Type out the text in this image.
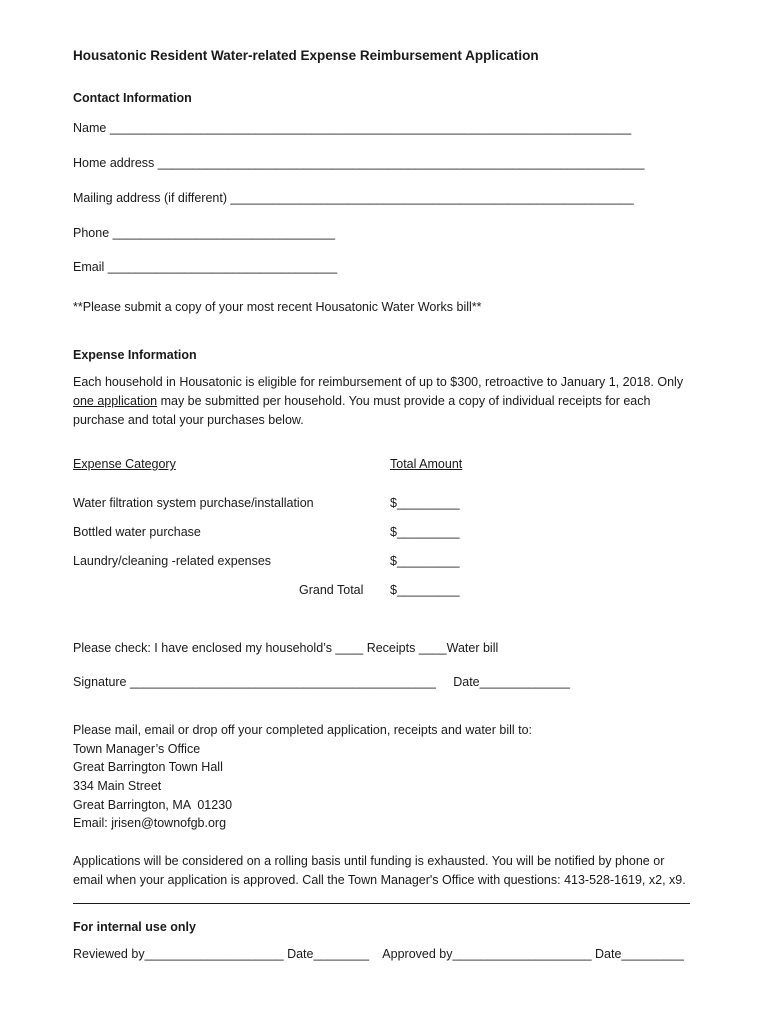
Housatonic Resident Water-related Expense Reimbursement Application
Contact Information
Name ___________________________________________________________________________
Home address ______________________________________________________________________
Mailing address (if different) __________________________________________________________
Phone ________________________________
Email _________________________________
**Please submit a copy of your most recent Housatonic Water Works bill**
Expense Information
Each household in Housatonic is eligible for reimbursement of up to $300, retroactive to January 1, 2018. Only
one application may be submitted per household. You must provide a copy of individual receipts for each
purchase and total your purchases below.
Expense Category	Total Amount
Water filtration system purchase/installation	$_________
Bottled water purchase	$_________
Laundry/cleaning -related expenses	$_________
Grand Total $_________
Please check: I have enclosed my household’s ____ Receipts ____Water bill
Signature ____________________________________________     Date_____________
Please mail, email or drop off your completed application, receipts and water bill to:
Town Manager’s Office
Great Barrington Town Hall
334 Main Street
Great Barrington, MA  01230
Email: jrisen@townofgb.org
Applications will be considered on a rolling basis until funding is exhausted. You will be notified by phone or
email when your application is approved. Call the Town Manager's Office with questions: 413-528-1619, x2, x9.
For internal use only
Reviewed by____________________ Date________    Approved by____________________ Date_________
